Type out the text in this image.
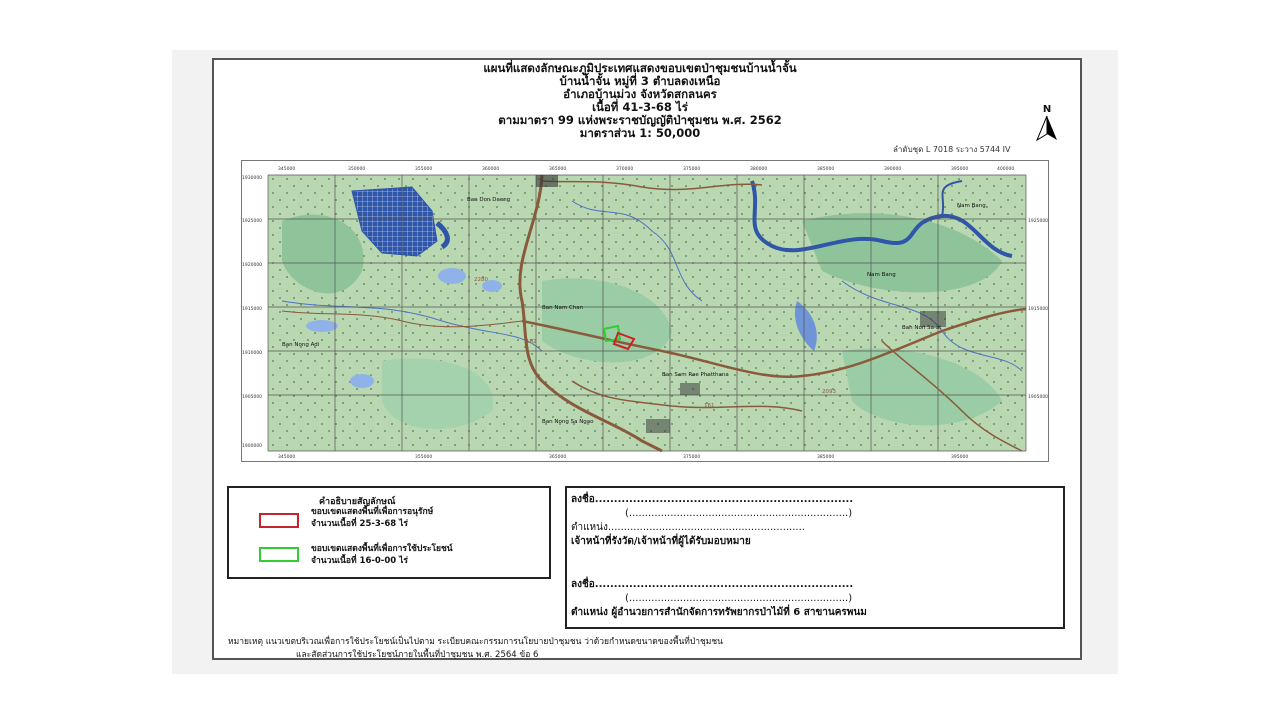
แผนที่แสดงลักษณะภูมิประเทศแสดงขอบเขตป่าชุมชนบ้านน้ำจั้น
บ้านน้ำจั้น หมู่ที่ 3 ตำบลดงเหนือ
อำเภอบ้านม่วง จังหวัดสกลนคร
เนื้อที่ 41-3-68 ไร่
ตามมาตรา 99 แห่งพระราชบัญญัติป่าชุมชน พ.ศ. 2562
มาตราส่วน 1: 50,000
ลำดับชุด L 7018 ระวาง 5744 IV
N
Ban Don Daeng
Ban Nam Chan
Ban Nong Adi
Ban Non Sa-at
Ban Sam Rae Phatthana
Ban Nong Sa Ngao
Nam Bang
Nam Bang
2280
162
161
2093
345000	350000	355000	360000	365000	370000	375000	380000	385000	390000	395000	400000
345000	355000	365000	375000	385000	395000
1930000
1925000
1920000
1915000
1910000
1905000
1900000
1925000
1915000
1905000
คำอธิบายสัญลักษณ์
ขอบเขตแสดงพื้นที่เพื่อการอนุรักษ์
จำนวนเนื้อที่ 25-3-68 ไร่
ขอบเขตแสดงพื้นที่เพื่อการใช้ประโยชน์
จำนวนเนื้อที่ 16-0-00 ไร่
ลงชื่อ....................................................................
(.....................................................................)
ตำแหน่ง..............................................................
เจ้าหน้าที่รังวัด/เจ้าหน้าที่ผู้ได้รับมอบหมาย
ลงชื่อ....................................................................
(.....................................................................)
ตำแหน่ง ผู้อำนวยการสำนักจัดการทรัพยากรป่าไม้ที่ 6 สาขานครพนม
หมายเหตุ แนวเขตบริเวณเพื่อการใช้ประโยชน์เป็นไปตาม ระเบียบคณะกรรมการนโยบายป่าชุมชน ว่าด้วยกำหนดขนาดของพื้นที่ป่าชุมชน
และสัดส่วนการใช้ประโยชน์ภายในพื้นที่ป่าชุมชน พ.ศ. 2564 ข้อ 6
